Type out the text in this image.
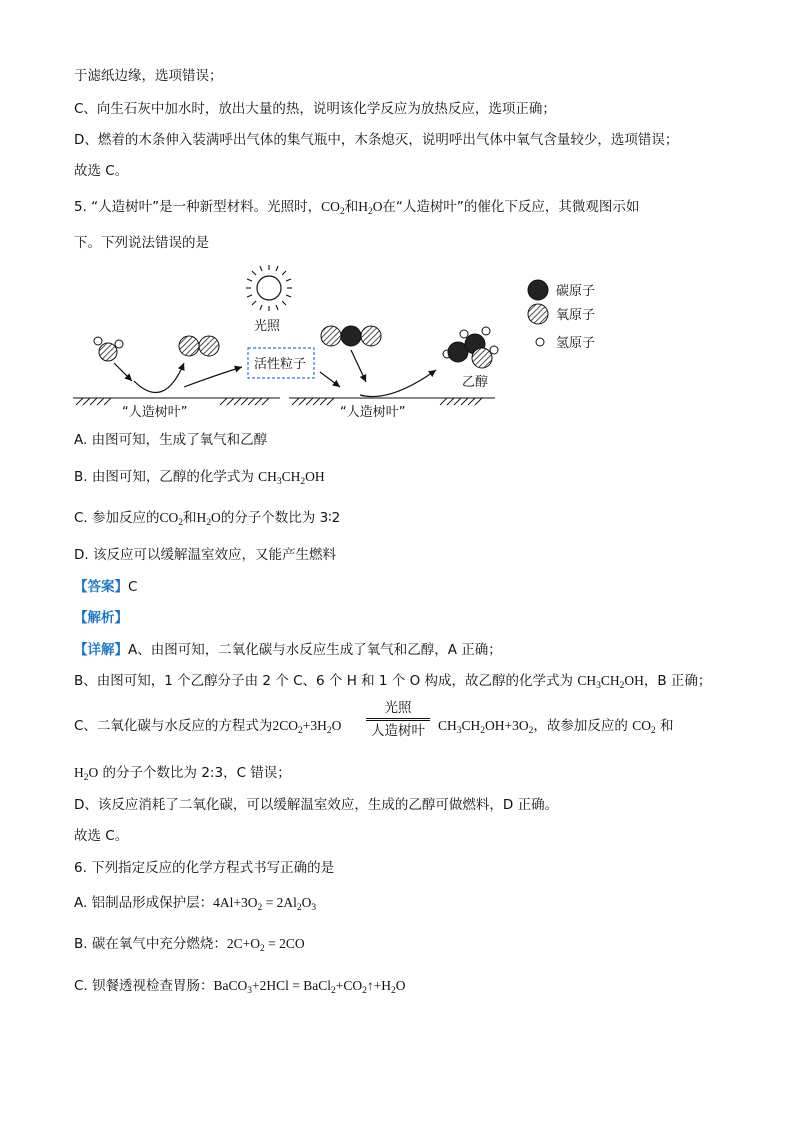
于滤纸边缘，选项错误；
C、向生石灰中加水时，放出大量的热，说明该化学反应为放热反应，选项正确；
D、燃着的木条伸入装满呼出气体的集气瓶中，木条熄灭，说明呼出气体中氧气含量较少，选项错误；
故选 C。
5. “人造树叶”是一种新型材料。光照时，$CO_2$和$H_2O$在“人造树叶”的催化下反应，其微观图示如
下。下列说法错误的是
光照
乙醇
活性粒子
“人造树叶”	“人造树叶”
碳原子
氧原子
氢原子
A. 由图可知，生成了氧气和乙醇
B. 由图可知，乙醇的化学式为 $CH_3CH_2OH$
C. 参加反应的$CO_2$和$H_2O$的分子个数比为 3∶2
D. 该反应可以缓解温室效应，又能产生燃料
【答案】C
【解析】
【详解】A、由图可知，二氧化碳与水反应生成了氧气和乙醇，A 正确；
B、由图可知，1 个乙醇分子由 2 个 C、6 个 H 和 1 个 O 构成，故乙醇的化学式为 $CH_3CH_2OH$，B 正确；
C、二氧化碳与水反应的方程式为$2CO_2+3H_2O$
光照
人造树叶 $CH_3CH_2OH+3O_2$，故参加反应的 $CO_2$ 和
$H_2O$ 的分子个数比为 2:3，C 错误；
D、该反应消耗了二氧化碳，可以缓解温室效应，生成的乙醇可做燃料，D 正确。
故选 C。
6. 下列指定反应的化学方程式书写正确的是
A. 铝制品形成保护层：$4Al+3O_2 = 2Al_2O_3$
B. 碳在氧气中充分燃烧：$2C+O_2 = 2CO$
C. 钡餐透视检查胃肠：BaCO$_3$+2HCl = $BaCl_2+CO_2↑+H_2O$
